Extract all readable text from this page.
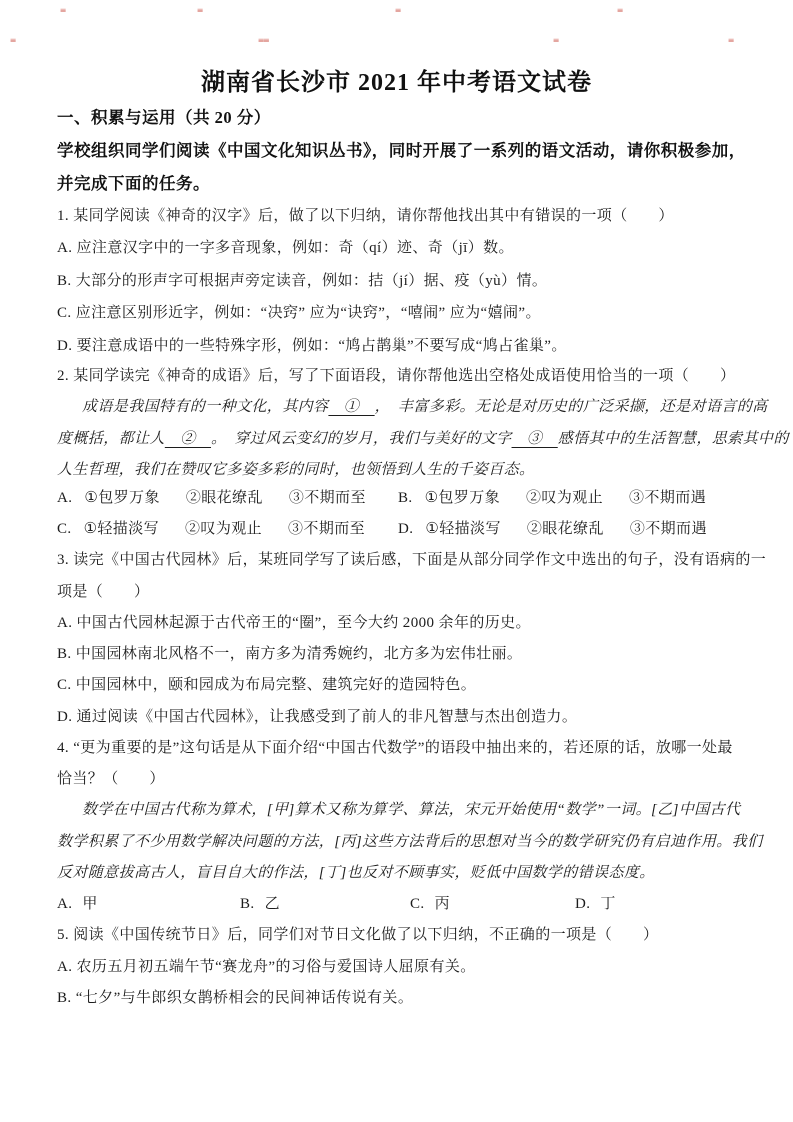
≡	≡	≡	≡
≡	≡≡	≡	≡
湖南省长沙市 2021 年中考语文试卷
一、积累与运用（共 20 分）
学校组织同学们阅读《中国文化知识丛书》，同时开展了一系列的语文活动，请你积极参加，
并完成下面的任务。
1. 某同学阅读《神奇的汉字》后，做了以下归纳，请你帮他找出其中有错误的一项（　　）
A. 应注意汉字中的一字多音现象，例如：奇（qí）迹、奇（jī）数。
B. 大部分的形声字可根据声旁定读音，例如：拮（jí）据、疫（yù）情。
C. 应注意区别形近字，例如：“决窍” 应为“诀窍”，“嘻闹” 应为“嬉闹”。
D. 要注意成语中的一些特殊字形，例如：“鸠占鹊巢”不要写成“鸠占雀巢”。
2. 某同学读完《神奇的成语》后，写了下面语段，请你帮他选出空格处成语使用恰当的一项（　　）
成语是我国特有的一种文化，其内容　①　，　丰富多彩。无论是对历史的广泛采撷，还是对语言的高
度概括，都让人　②　。　穿过风云变幻的岁月，我们与美好的文字　③　感悟其中的生活智慧，思索其中的
人生哲理，我们在赞叹它多姿多彩的同时，也领悟到人生的千姿百态。
A. ①包罗万象 ②眼花缭乱 ③不期而至 B. ①包罗万象 ②叹为观止 ③不期而遇
C. ①轻描淡写 ②叹为观止 ③不期而至 D. ①轻描淡写 ②眼花缭乱 ③不期而遇
3. 读完《中国古代园林》后，某班同学写了读后感，下面是从部分同学作文中选出的句子，没有语病的一
项是（　　）
A. 中国古代园林起源于古代帝王的“圈”，至今大约 2000 余年的历史。
B. 中国园林南北风格不一，南方多为清秀婉约，北方多为宏伟壮丽。
C. 中国园林中，颐和园成为布局完整、建筑完好的造园特色。
D. 通过阅读《中国古代园林》，让我感受到了前人的非凡智慧与杰出创造力。
4. “更为重要的是”这句话是从下面介绍“中国古代数学”的语段中抽出来的，若还原的话，放哪一处最
恰当？（　　）
数学在中国古代称为算术，[甲]算术又称为算学、算法，宋元开始使用“数学”一词。[乙]中国古代
数学积累了不少用数学解决问题的方法，[丙]这些方法背后的思想对当今的数学研究仍有启迪作用。我们
反对随意拔高古人，盲目自大的作法，[丁]也反对不顾事实，贬低中国数学的错误态度。
A. 甲	B. 乙	C. 丙	D. 丁
5. 阅读《中国传统节日》后，同学们对节日文化做了以下归纳，不正确的一项是（　　）
A. 农历五月初五端午节“赛龙舟”的习俗与爱国诗人屈原有关。
B. “七夕”与牛郎织女鹊桥相会的民间神话传说有关。
